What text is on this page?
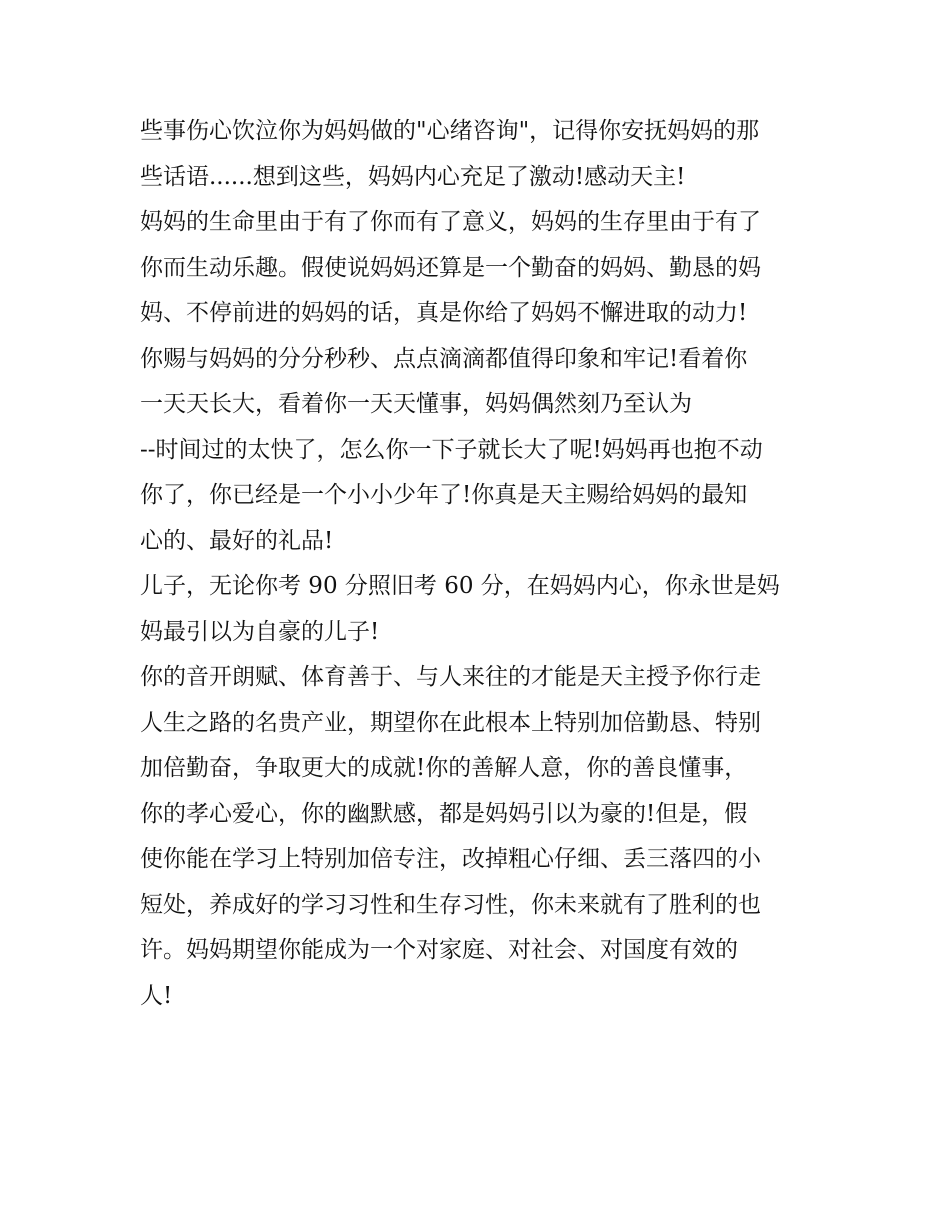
些事伤心饮泣你为妈妈做的"心绪咨询"，记得你安抚妈妈的那
些话语......想到这些，妈妈内心充足了激动!感动天主!
妈妈的生命里由于有了你而有了意义，妈妈的生存里由于有了
你而生动乐趣。假使说妈妈还算是一个勤奋的妈妈、勤恳的妈
妈、不停前进的妈妈的话，真是你给了妈妈不懈进取的动力!
你赐与妈妈的分分秒秒、点点滴滴都值得印象和牢记!看着你
一天天长大，看着你一天天懂事，妈妈偶然刻乃至认为
--时间过的太快了，怎么你一下子就长大了呢!妈妈再也抱不动
你了，你已经是一个小小少年了!你真是天主赐给妈妈的最知
心的、最好的礼品!
儿子，无论你考 90 分照旧考 60 分，在妈妈内心，你永世是妈
妈最引以为自豪的儿子!
你的音开朗赋、体育善于、与人来往的才能是天主授予你行走
人生之路的名贵产业，期望你在此根本上特别加倍勤恳、特别
加倍勤奋，争取更大的成就!你的善解人意，你的善良懂事，
你的孝心爱心，你的幽默感，都是妈妈引以为豪的!但是，假
使你能在学习上特别加倍专注，改掉粗心仔细、丢三落四的小
短处，养成好的学习习性和生存习性，你未来就有了胜利的也
许。妈妈期望你能成为一个对家庭、对社会、对国度有效的
人!
